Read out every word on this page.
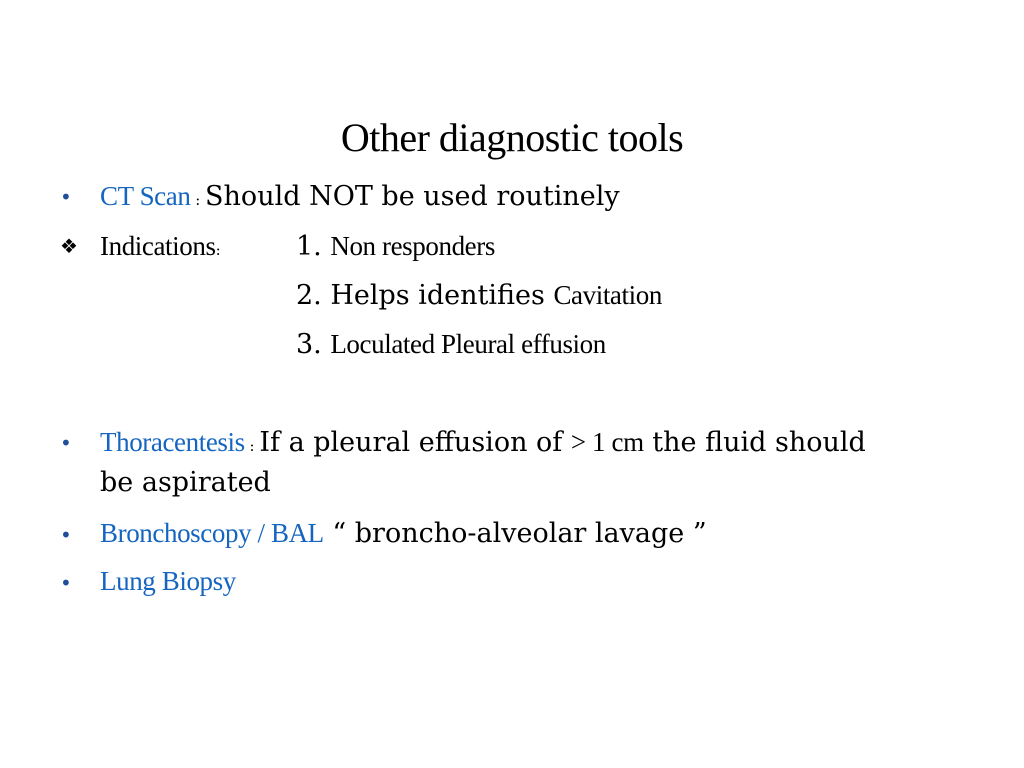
Other diagnostic tools
• CT Scan : Should NOT be used routinely
❖ Indications:	1. Non responders
2. Helps identifies Cavitation
3. Loculated Pleural effusion
• Thoracentesis : If a pleural effusion of > 1 cm the fluid should
be aspirated
• Bronchoscopy / BAL “ broncho-alveolar lavage ”
• Lung Biopsy
